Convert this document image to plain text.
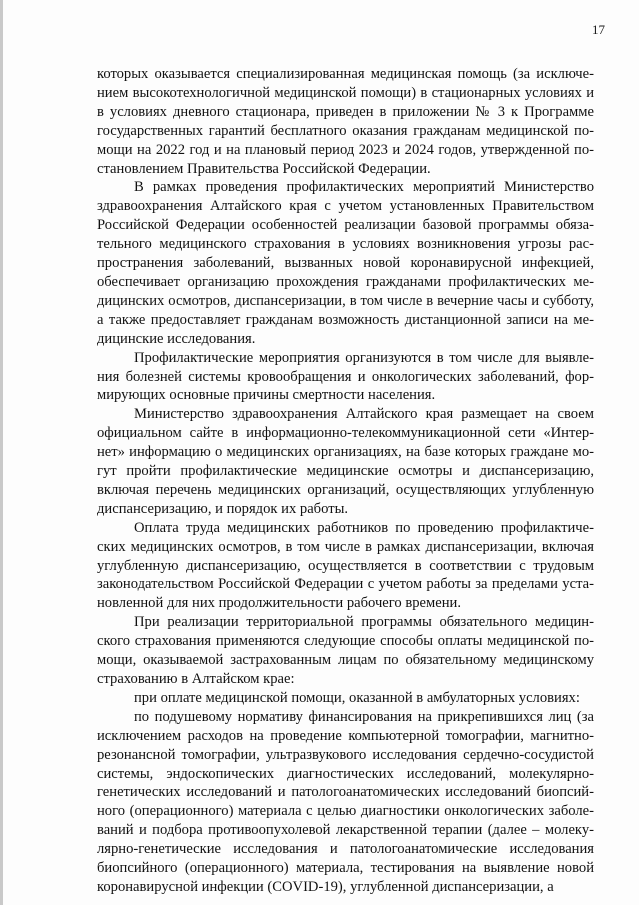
17

которых оказывается специализированная медицинская помощь (за исключением высокотехнологичной медицинской помощи) в стационарных условиях и в условиях дневного стационара, приведен в приложении № 3 к Программе государственных гарантий бесплатного оказания гражданам медицинской помощи на 2022 год и на плановый период 2023 и 2024 годов, утвержденной постановлением Правительства Российской Федерации.

В рамках проведения профилактических мероприятий Министерство здравоохранения Алтайского края с учетом установленных Правительством Российской Федерации особенностей реализации базовой программы обязательного медицинского страхования в условиях возникновения угрозы распространения заболеваний, вызванных новой коронавирусной инфекцией, обеспечивает организацию прохождения гражданами профилактических медицинских осмотров, диспансеризации, в том числе в вечерние часы и субботу, а также предоставляет гражданам возможность дистанционной записи на медицинские исследования.

Профилактические мероприятия организуются в том числе для выявления болезней системы кровообращения и онкологических заболеваний, формирующих основные причины смертности населения.

Министерство здравоохранения Алтайского края размещает на своем официальном сайте в информационно-телекоммуникационной сети «Интернет» информацию о медицинских организациях, на базе которых граждане могут пройти профилактические медицинские осмотры и диспансеризацию, включая перечень медицинских организаций, осуществляющих углубленную диспансеризацию, и порядок их работы.

Оплата труда медицинских работников по проведению профилактических медицинских осмотров, в том числе в рамках диспансеризации, включая углубленную диспансеризацию, осуществляется в соответствии с трудовым законодательством Российской Федерации с учетом работы за пределами установленной для них продолжительности рабочего времени.

При реализации территориальной программы обязательного медицинского страхования применяются следующие способы оплаты медицинской помощи, оказываемой застрахованным лицам по обязательному медицинскому страхованию в Алтайском крае:

при оплате медицинской помощи, оказанной в амбулаторных условиях:

по подушевому нормативу финансирования на прикрепившихся лиц (за исключением расходов на проведение компьютерной томографии, магнитно-резонансной томографии, ультразвукового исследования сердечно-сосудистой системы, эндоскопических диагностических исследований, молекулярно-генетических исследований и патологоанатомических исследований биопсийного (операционного) материала с целью диагностики онкологических заболеваний и подбора противоопухолевой лекарственной терапии (далее – молекулярно-генетические исследования и патологоанатомические исследования биопсийного (операционного) материала, тестирования на выявление новой коронавирусной инфекции (COVID-19), углубленной диспансеризации, а
